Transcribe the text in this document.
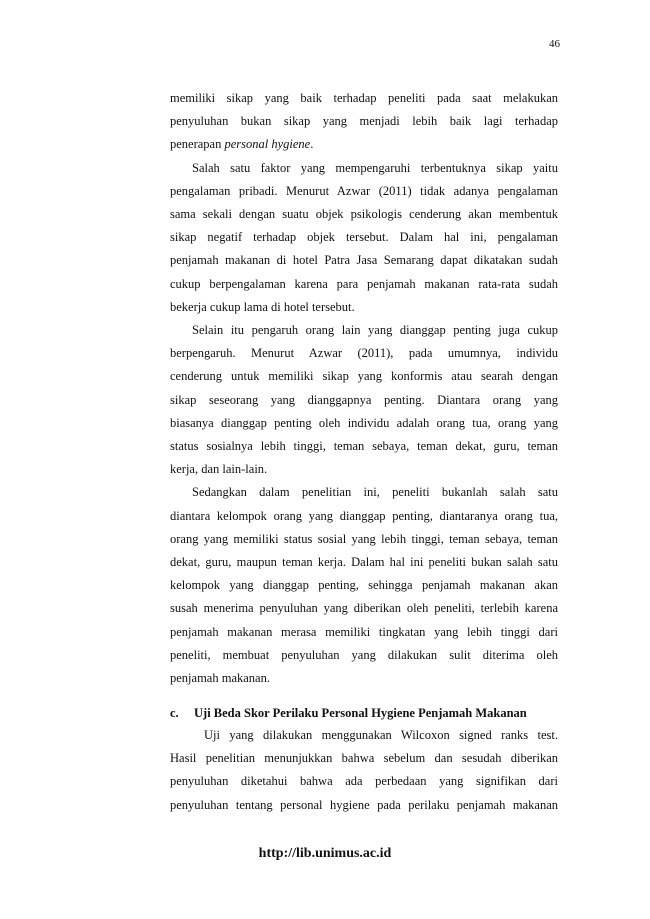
46

memiliki sikap yang baik terhadap peneliti pada saat melakukan
penyuluhan bukan sikap yang menjadi lebih baik lagi terhadap
penerapan personal hygiene.

Salah satu faktor yang mempengaruhi terbentuknya sikap yaitu
pengalaman pribadi. Menurut Azwar (2011) tidak adanya pengalaman
sama sekali dengan suatu objek psikologis cenderung akan membentuk
sikap negatif terhadap objek tersebut. Dalam hal ini, pengalaman
penjamah makanan di hotel Patra Jasa Semarang dapat dikatakan sudah
cukup berpengalaman karena para penjamah makanan rata-rata sudah
bekerja cukup lama di hotel tersebut.

Selain itu pengaruh orang lain yang dianggap penting juga cukup
berpengaruh. Menurut Azwar (2011), pada umumnya, individu
cenderung untuk memiliki sikap yang konformis atau searah dengan
sikap seseorang yang dianggapnya penting. Diantara orang yang
biasanya dianggap penting oleh individu adalah orang tua, orang yang
status sosialnya lebih tinggi, teman sebaya, teman dekat, guru, teman
kerja, dan lain-lain.

Sedangkan dalam penelitian ini, peneliti bukanlah salah satu
diantara kelompok orang yang dianggap penting, diantaranya orang tua,
orang yang memiliki status sosial yang lebih tinggi, teman sebaya, teman
dekat, guru, maupun teman kerja. Dalam hal ini peneliti bukan salah satu
kelompok yang dianggap penting, sehingga penjamah makanan akan
susah menerima penyuluhan yang diberikan oleh peneliti, terlebih karena
penjamah makanan merasa memiliki tingkatan yang lebih tinggi dari
peneliti, membuat penyuluhan yang dilakukan sulit diterima oleh
penjamah makanan.

c. Uji Beda Skor Perilaku Personal Hygiene Penjamah Makanan

Uji yang dilakukan menggunakan Wilcoxon signed ranks test.
Hasil penelitian menunjukkan bahwa sebelum dan sesudah diberikan
penyuluhan diketahui bahwa ada perbedaan yang signifikan dari
penyuluhan tentang personal hygiene pada perilaku penjamah makanan

http://lib.unimus.ac.id
